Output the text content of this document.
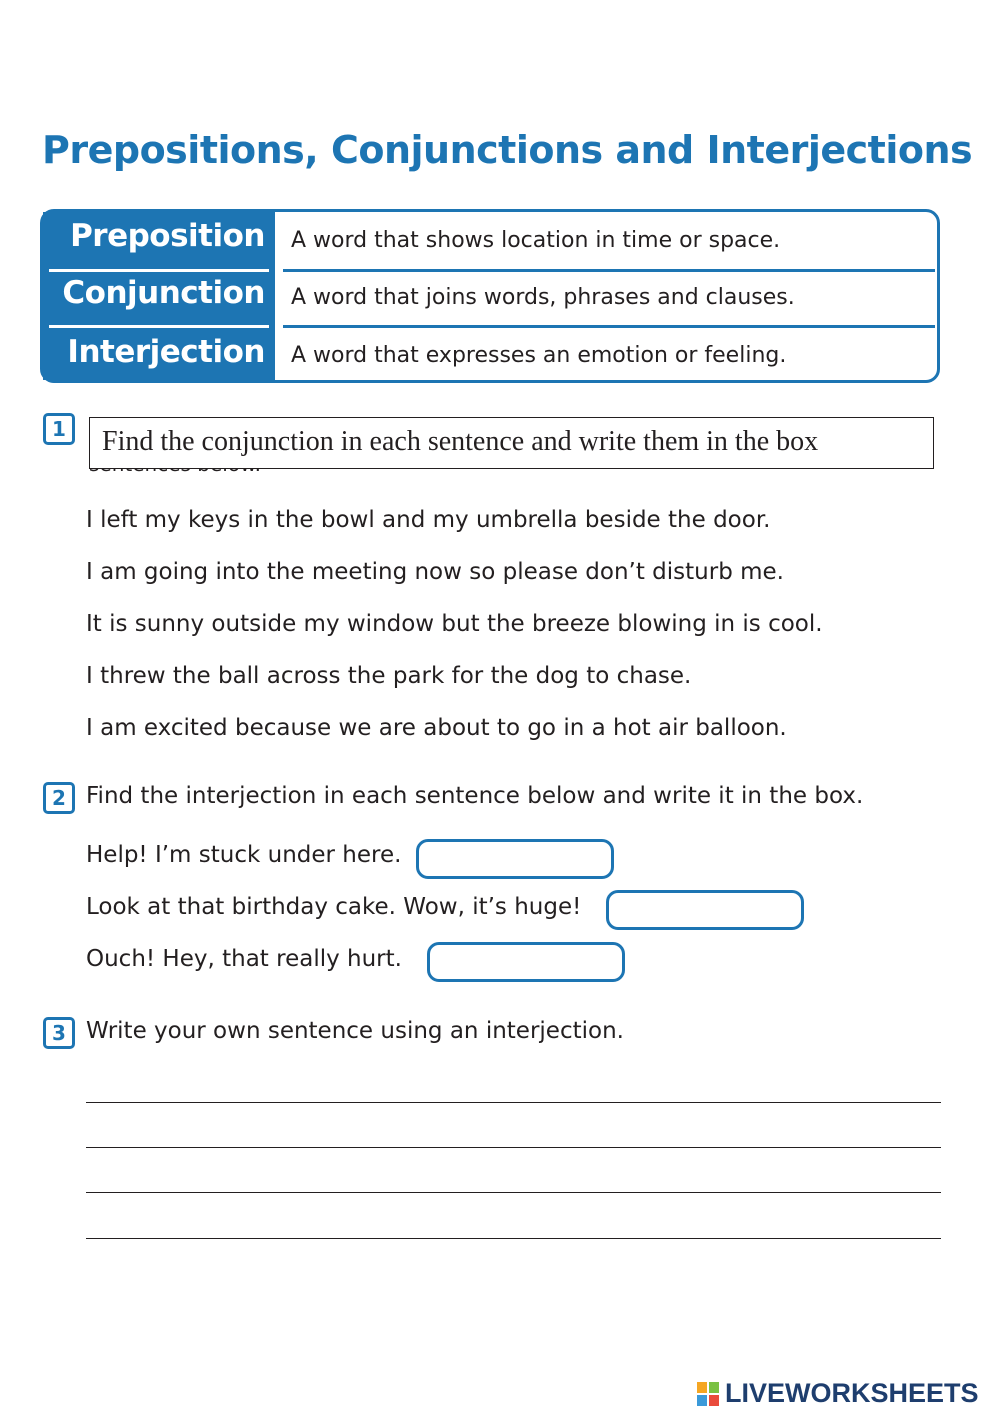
Prepositions, Conjunctions and Interjections
Preposition
Conjunction
Interjection
A word that shows location in time or space.
A word that joins words, phrases and clauses.
A word that expresses an emotion or feeling.
1	Find the conjunction in each sentence and write them in the box
I left my keys in the bowl and my umbrella beside the door.
I am going into the meeting now so please don’t disturb me.
It is sunny outside my window but the breeze blowing in is cool.
I threw the ball across the park for the dog to chase.
I am excited because we are about to go in a hot air balloon.
2 Find the interjection in each sentence below and write it in the box.
Help! I’m stuck under here.
Look at that birthday cake. Wow, it’s huge!
Ouch! Hey, that really hurt.
3 Write your own sentence using an interjection.
LIVEWORKSHEETS
